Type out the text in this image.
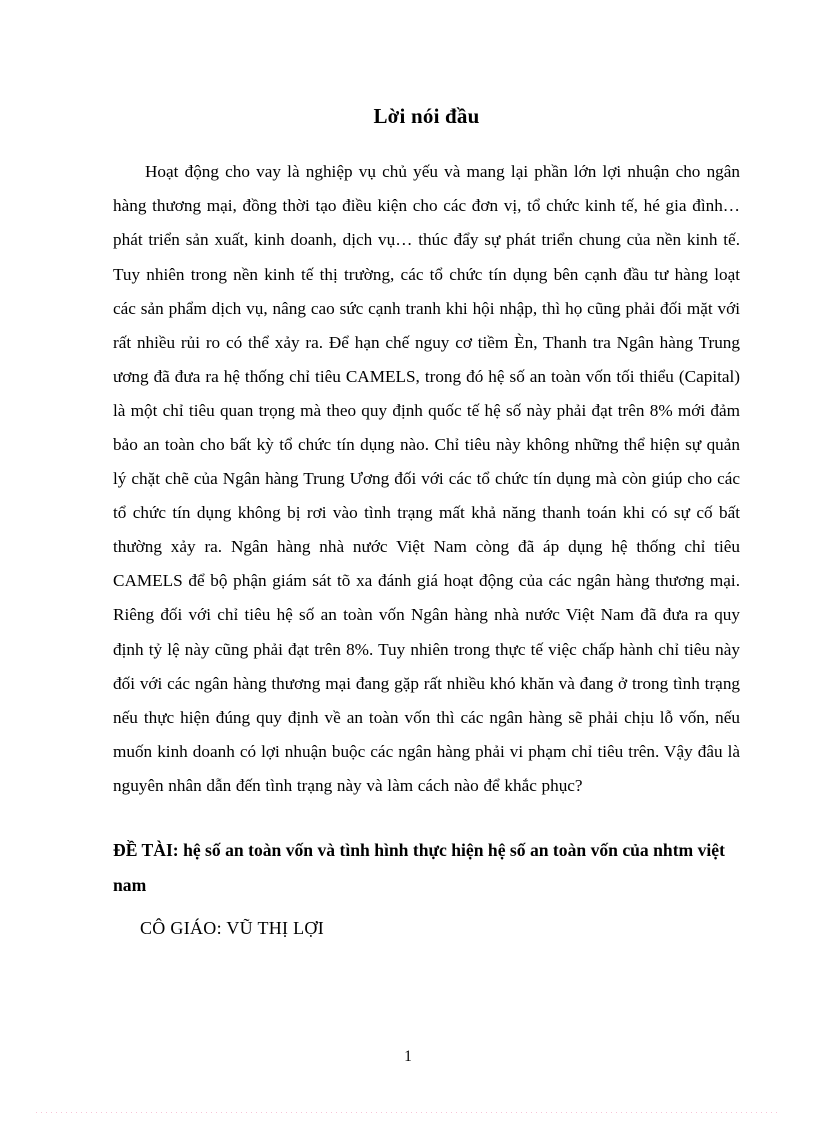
Lời nói đầu

Hoạt động cho vay là nghiệp vụ chủ yếu và mang lại phần lớn lợi nhuận cho ngân hàng thương mại, đồng thời tạo điều kiện cho các đơn vị, tổ chức kinh tế, hé gia đình… phát triển sản xuất, kinh doanh, dịch vụ… thúc đẩy sự phát triển chung của nền kinh tế. Tuy nhiên trong nền kinh tế thị trường, các tổ chức tín dụng bên cạnh đầu tư hàng loạt các sản phẩm dịch vụ, nâng cao sức cạnh tranh khi hội nhập, thì họ cũng phải đối mặt với rất nhiều rủi ro có thể xảy ra. Để hạn chế nguy cơ tiềm Èn, Thanh tra Ngân hàng Trung ương đã đưa ra hệ thống chỉ tiêu CAMELS, trong đó hệ số an toàn vốn tối thiểu (Capital) là một chỉ tiêu quan trọng mà theo quy định quốc tế hệ số này phải đạt trên 8% mới đảm bảo an toàn cho bất kỳ tổ chức tín dụng nào. Chỉ tiêu này không những thể hiện sự quản lý chặt chẽ của Ngân hàng Trung Ương đối với các tổ chức tín dụng mà còn giúp cho các tổ chức tín dụng không bị rơi vào tình trạng mất khả năng thanh toán khi có sự cố bất thường xảy ra. Ngân hàng nhà nước Việt Nam còng đã áp dụng hệ thống chỉ tiêu CAMELS để bộ phận giám sát tõ xa đánh giá hoạt động của các ngân hàng thương mại. Riêng đối với chỉ tiêu hệ số an toàn vốn Ngân hàng nhà nước Việt Nam đã đưa ra quy định tỷ lệ này cũng phải đạt trên 8%. Tuy nhiên trong thực tế việc chấp hành chỉ tiêu này đối với các ngân hàng thương mại đang gặp rất nhiều khó khăn và đang ở trong tình trạng nếu thực hiện đúng quy định về an toàn vốn thì các ngân hàng sẽ phải chịu lỗ vốn, nếu muốn kinh doanh có lợi nhuận buộc các ngân hàng phải vi phạm chỉ tiêu trên. Vậy đâu là nguyên nhân dẫn đến tình trạng này và làm cách nào để khắc phục?

ĐỀ TÀI: hệ số an toàn vốn và tình hình thực hiện hệ số an toàn vốn của nhtm việt nam

CÔ GIÁO: VŨ THỊ LỢI

1
